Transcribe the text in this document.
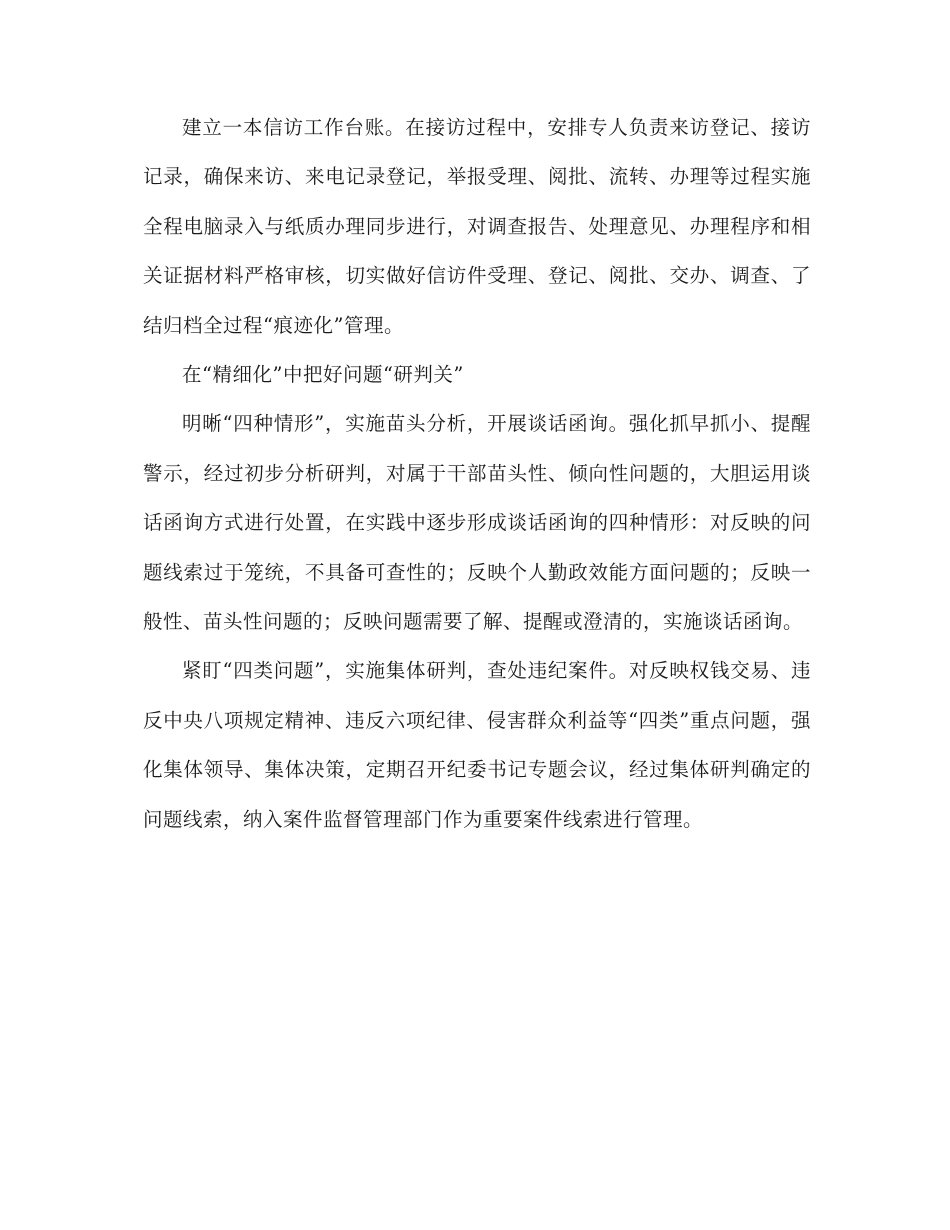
建立一本信访工作台账。在接访过程中，安排专人负责来访登记、接访记录，确保来访、来电记录登记，举报受理、阅批、流转、办理等过程实施全程电脑录入与纸质办理同步进行，对调查报告、处理意见、办理程序和相关证据材料严格审核，切实做好信访件受理、登记、阅批、交办、调查、了结归档全过程“痕迹化”管理。

在“精细化”中把好问题“研判关”

明晰“四种情形”，实施苗头分析，开展谈话函询。强化抓早抓小、提醒警示，经过初步分析研判，对属于干部苗头性、倾向性问题的，大胆运用谈话函询方式进行处置，在实践中逐步形成谈话函询的四种情形：对反映的问题线索过于笼统，不具备可查性的；反映个人勤政效能方面问题的；反映一般性、苗头性问题的；反映问题需要了解、提醒或澄清的，实施谈话函询。

紧盯“四类问题”，实施集体研判，查处违纪案件。对反映权钱交易、违反中央八项规定精神、违反六项纪律、侵害群众利益等“四类”重点问题，强化集体领导、集体决策，定期召开纪委书记专题会议，经过集体研判确定的问题线索，纳入案件监督管理部门作为重要案件线索进行管理。
